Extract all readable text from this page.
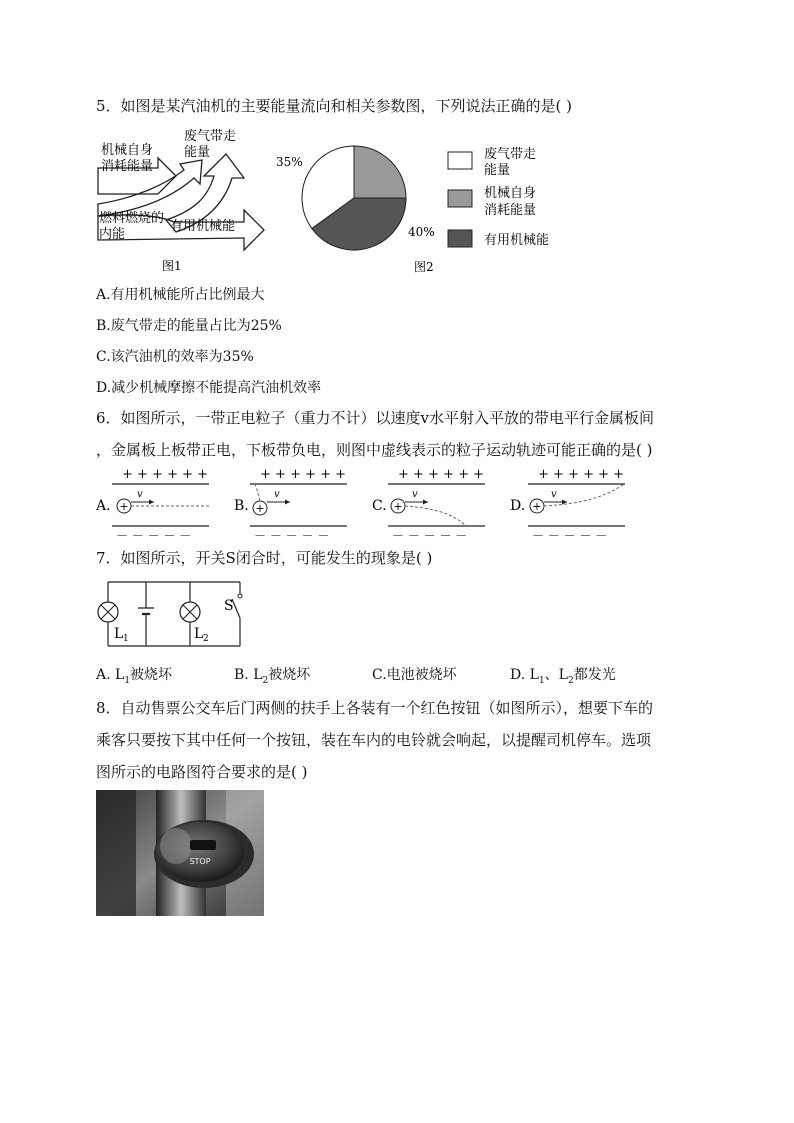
5．如图是某汽油机的主要能量流向和相关参数图，下列说法正确的是( )
机械自身
消耗能量
废气带走
能量
燃料燃烧的
内能
有用机械能
图1
35%
40%
图2
废气带走
能量
机械自身
消耗能量
有用机械能
A.有用机械能所占比例最大
B.废气带走的能量占比为25%
C.该汽油机的效率为35%
D.减少机械摩擦不能提高汽油机效率
6．如图所示，一带正电粒子（重力不计）以速度v水平射入平放的带电平行金属板间
，金属板上板带正电，下板带负电，则图中虚线表示的粒子运动轨迹可能正确的是( )
+ + + + + +
A. +
v
－ － － － －
+ + + + + +
B. +
v
－ － － － －
+ + + + + +
C. +
v
－ － － － －
+ + + + + +
D. +
v
－ － － － －
7．如图所示，开关S闭合时，可能发生的现象是( )
S
L 1	L 2
A. $L_1$被烧坏	B. $L_2$被烧坏	C.电池被烧坏	D. $L_1$、$L_2$都发光
8．自动售票公交车后门两侧的扶手上各装有一个红色按钮（如图所示），想要下车的
乘客只要按下其中任何一个按钮，装在车内的电铃就会响起，以提醒司机停车。选项
图所示的电路图符合要求的是( )
STOP
